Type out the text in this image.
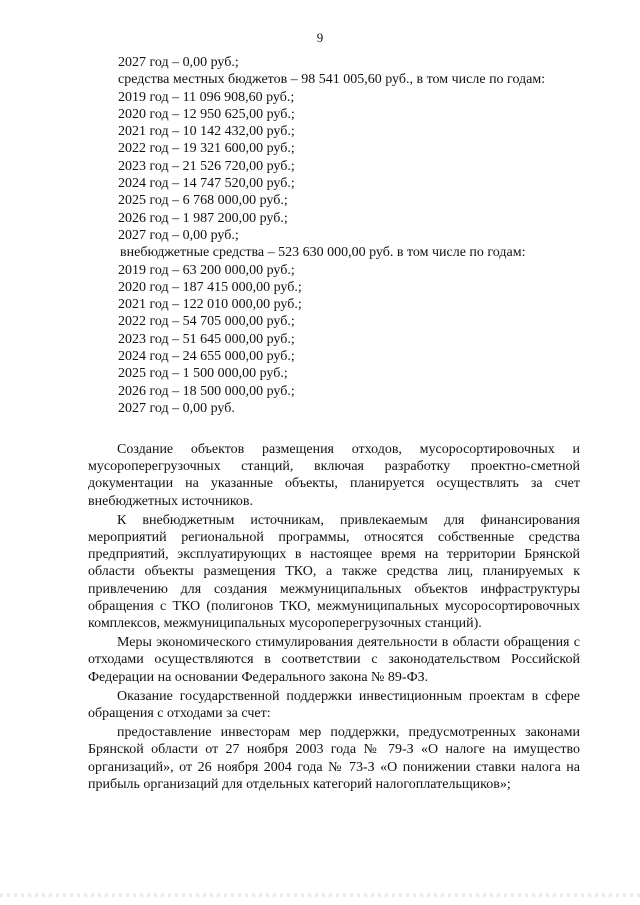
9
2027 год – 0,00 руб.;
средства местных бюджетов – 98 541 005,60 руб., в том числе по годам:
2019 год – 11 096 908,60 руб.;
2020 год – 12 950 625,00 руб.;
2021 год – 10 142 432,00 руб.;
2022 год – 19 321 600,00 руб.;
2023 год – 21 526 720,00 руб.;
2024 год – 14 747 520,00 руб.;
2025 год – 6 768 000,00 руб.;
2026 год – 1 987 200,00 руб.;
2027 год – 0,00 руб.;
внебюджетные средства – 523 630 000,00 руб. в том числе по годам:
2019 год – 63 200 000,00 руб.;
2020 год – 187 415 000,00 руб.;
2021 год – 122 010 000,00 руб.;
2022 год – 54 705 000,00 руб.;
2023 год – 51 645 000,00 руб.;
2024 год – 24 655 000,00 руб.;
2025 год – 1 500 000,00 руб.;
2026 год – 18 500 000,00 руб.;
2027 год – 0,00 руб.

Создание объектов размещения отходов, мусоросортировочных и мусороперегрузочных станций, включая разработку проектно-сметной документации на указанные объекты, планируется осуществлять за счет внебюджетных источников.

К внебюджетным источникам, привлекаемым для финансирования мероприятий региональной программы, относятся собственные средства предприятий, эксплуатирующих в настоящее время на территории Брянской области объекты размещения ТКО, а также средства лиц, планируемых к привлечению для создания межмуниципальных объектов инфраструктуры обращения с ТКО (полигонов ТКО, межмуниципальных мусоросортировочных комплексов, межмуниципальных мусороперегрузочных станций).

Меры экономического стимулирования деятельности в области обращения с отходами осуществляются в соответствии с законодательством Российской Федерации на основании Федерального закона № 89-ФЗ.

Оказание государственной поддержки инвестиционным проектам в сфере обращения с отходами за счет:

предоставление инвесторам мер поддержки, предусмотренных законами Брянской области от 27 ноября 2003 года № 79-З «О налоге на имущество организаций», от 26 ноября 2004 года № 73-З «О понижении ставки налога на прибыль организаций для отдельных категорий налогоплательщиков»;
